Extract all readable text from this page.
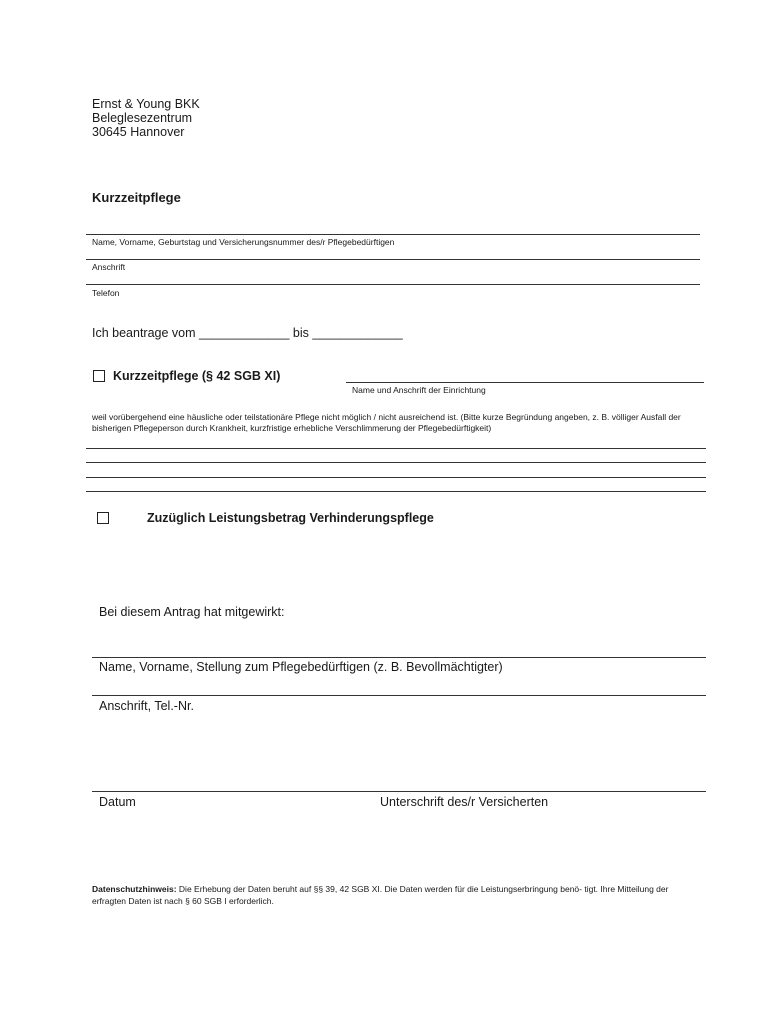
Ernst & Young BKK
Beleglesezentrum
30645 Hannover
Kurzzeitpflege
Name, Vorname, Geburtstag und Versicherungsnummer des/r Pflegebedürftigen
Anschrift
Telefon
Ich beantrage vom _____________ bis _____________
Kurzzeitpflege (§ 42 SGB XI)
Name und Anschrift der Einrichtung
weil vorübergehend eine häusliche oder teilstationäre Pflege nicht möglich / nicht ausreichend ist. (Bitte kurze Begründung angeben, z. B. völliger Ausfall der bisherigen Pflegeperson durch Krankheit, kurzfristige erhebliche Verschlimmerung der Pflegebedürftigkeit)
Zuzüglich Leistungsbetrag Verhinderungspflege
Bei diesem Antrag hat mitgewirkt:
Name, Vorname, Stellung zum Pflegebedürftigen (z. B. Bevollmächtigter)
Anschrift, Tel.-Nr.
Datum	Unterschrift des/r Versicherten
Datenschutzhinweis: Die Erhebung der Daten beruht auf §§ 39, 42 SGB XI. Die Daten werden für die Leistungserbringung benö- tigt. Ihre Mitteilung der erfragten Daten ist nach § 60 SGB I erforderlich.
